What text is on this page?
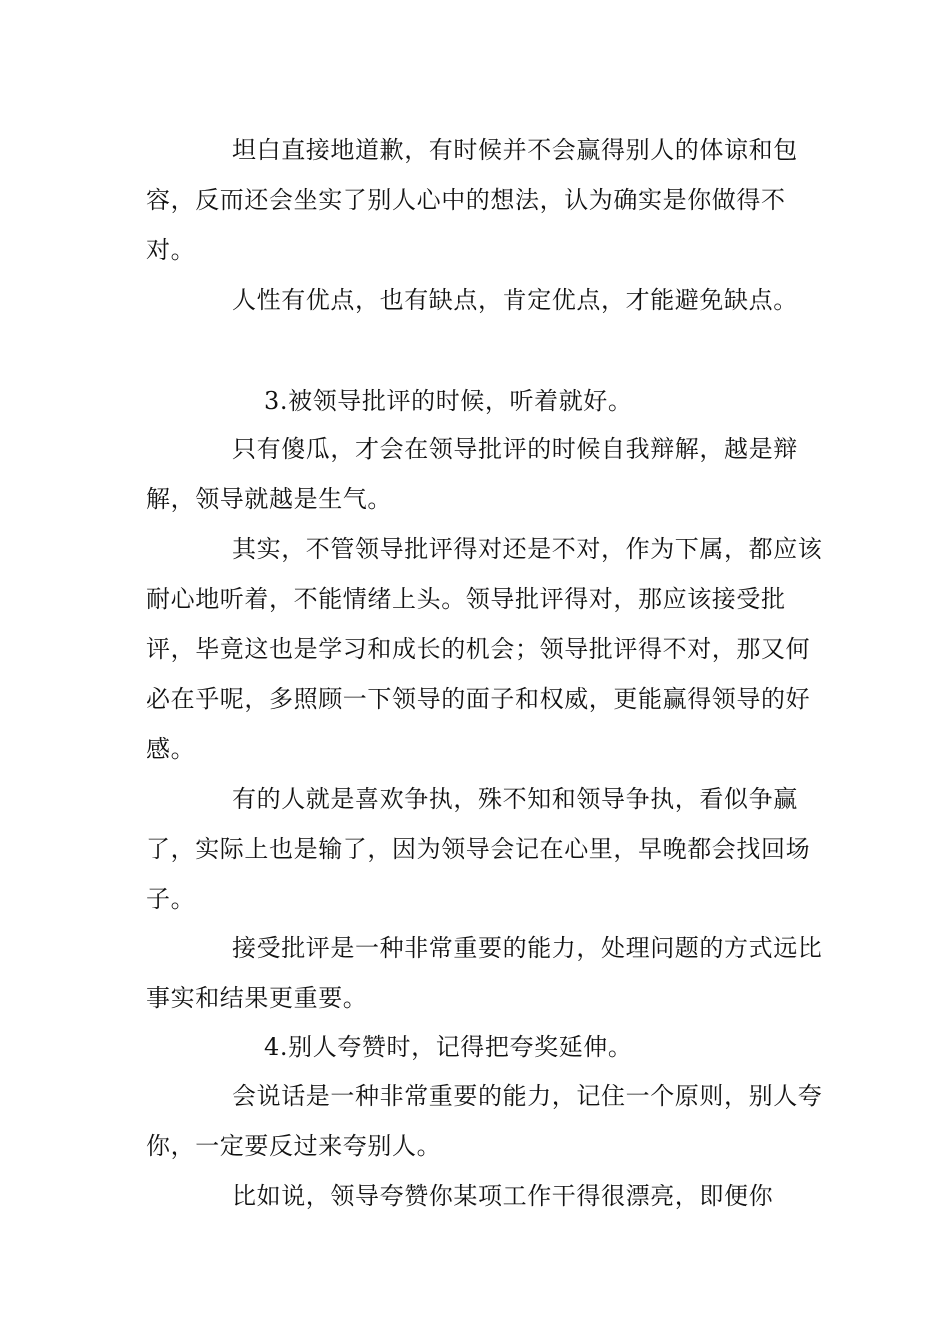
坦白直接地道歉，有时候并不会赢得别人的体谅和包容，反而还会坐实了别人心中的想法，认为确实是你做得不对。

人性有优点，也有缺点，肯定优点，才能避免缺点。

3.被领导批评的时候，听着就好。

只有傻瓜，才会在领导批评的时候自我辩解，越是辩解，领导就越是生气。

其实，不管领导批评得对还是不对，作为下属，都应该耐心地听着，不能情绪上头。领导批评得对，那应该接受批评，毕竟这也是学习和成长的机会；领导批评得不对，那又何必在乎呢，多照顾一下领导的面子和权威，更能赢得领导的好感。

有的人就是喜欢争执，殊不知和领导争执，看似争赢了，实际上也是输了，因为领导会记在心里，早晚都会找回场子。

接受批评是一种非常重要的能力，处理问题的方式远比事实和结果更重要。

4.别人夸赞时，记得把夸奖延伸。

会说话是一种非常重要的能力，记住一个原则，别人夸你，一定要反过来夸别人。

比如说，领导夸赞你某项工作干得很漂亮，即便你
